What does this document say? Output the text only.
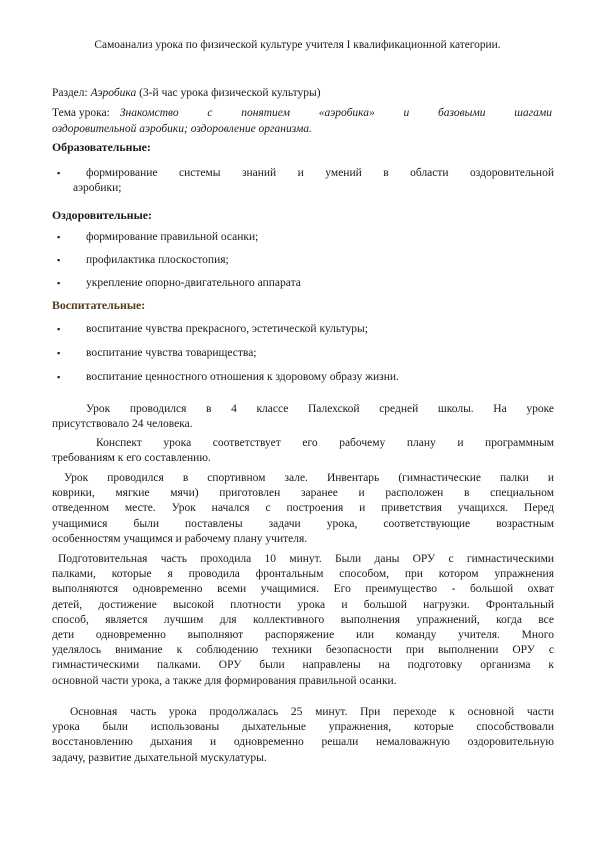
Самоанализ урока по физической культуре учителя I квалификационной категории.
Раздел: Аэробика (3-й час урока физической культуры)
Тема урока: Знакомство с понятием «аэробика» и базовыми шагами
оздоровительной аэробики; оздоровление организма.
Образовательные:
▪ формирование системы знаний и умений в области оздоровительной
аэробики;
Оздоровительные:
▪ формирование правильной осанки;
▪ профилактика плоскостопия;
▪ укрепление опорно-двигательного аппарата
Воспитательные:
▪ воспитание чувства прекрасного, эстетической культуры;
▪ воспитание чувства товарищества;
▪ воспитание ценностного отношения к здоровому образу жизни.
Урок проводился в 4 классе Палехской средней школы. На уроке
присутствовало 24 человека.
Конспект урока соответствует его рабочему плану и программным
требованиям к его составлению.
Урок проводился в спортивном зале. Инвентарь (гимнастические палки и
коврики, мягкие мячи) приготовлен заранее и расположен в специальном
отведенном месте. Урок начался с построения и приветствия учащихся. Перед
учащимися были поставлены задачи урока, соответствующие возрастным
особенностям учащимся и рабочему плану учителя.
Подготовительная часть проходила 10 минут. Были даны ОРУ с гимнастическими
палками, которые я проводила фронтальным способом, при котором упражнения
выполняются одновременно всеми учащимися. Его преимущество - большой охват
детей, достижение высокой плотности урока и большой нагрузки. Фронтальный
способ, является лучшим для коллективного выполнения упражнений, когда все
дети одновременно выполняют распоряжение или команду учителя. Много
уделялось внимание к соблюдению техники безопасности при выполнении ОРУ с
гимнастическими палками. ОРУ были направлены на подготовку организма к
основной части урока, а также для формирования правильной осанки.
Основная часть урока продолжалась 25 минут. При переходе к основной части
урока были использованы дыхательные упражнения, которые способствовали
восстановлению дыхания и одновременно решали немаловажную оздоровительную
задачу, развитие дыхательной мускулатуры.
